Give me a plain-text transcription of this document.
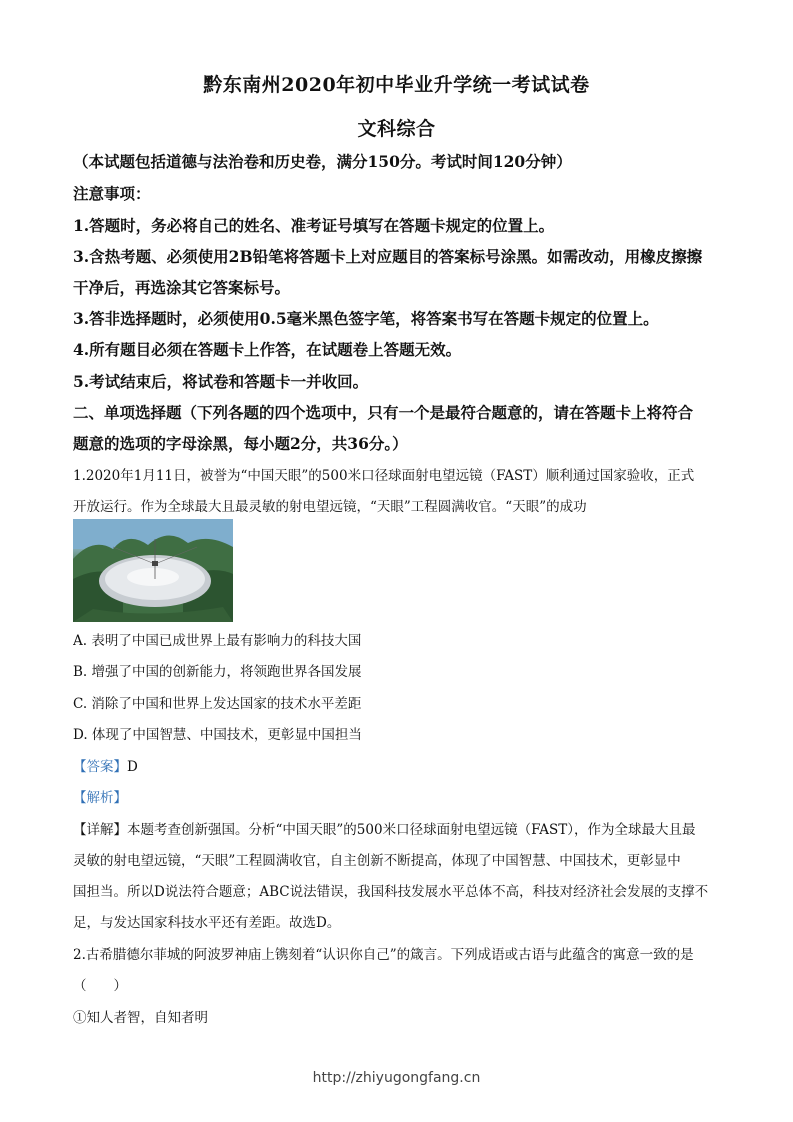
黔东南州2020年初中毕业升学统一考试试卷
文科综合
（本试题包括道德与法治卷和历史卷，满分150分。考试时间120分钟）
注意事项：
1.答题时，务必将自己的姓名、准考证号填写在答题卡规定的位置上。
3.含热考题、必须使用2B铅笔将答题卡上对应题目的答案标号涂黑。如需改动，用橡皮擦擦
干净后，再选涂其它答案标号。
3.答非选择题时，必须使用0.5毫米黑色签字笔，将答案书写在答题卡规定的位置上。
4.所有题目必须在答题卡上作答，在试题卷上答题无效。
5.考试结束后，将试卷和答题卡一并收回。
二、单项选择题（下列各题的四个选项中，只有一个是最符合题意的，请在答题卡上将符合
题意的选项的字母涂黑，每小题2分，共36分。）
1.2020年1月11日，被誉为“中国天眼”的500米口径球面射电望远镜（FAST）顺利通过国家验收，正式
开放运行。作为全球最大且最灵敏的射电望远镜，“天眼”工程圆满收官。“天眼”的成功
A. 表明了中国已成世界上最有影响力的科技大国
B. 增强了中国的创新能力，将领跑世界各国发展
C. 消除了中国和世界上发达国家的技术水平差距
D. 体现了中国智慧、中国技术，更彰显中国担当
【答案】D
【解析】
【详解】本题考查创新强国。分析“中国天眼”的500米口径球面射电望远镜（FAST），作为全球最大且最
灵敏的射电望远镜，“天眼”工程圆满收官，自主创新不断提高，体现了中国智慧、中国技术，更彰显中
国担当。所以D说法符合题意；ABC说法错误，我国科技发展水平总体不高，科技对经济社会发展的支撑不
足，与发达国家科技水平还有差距。故选D。
2.古希腊德尔菲城的阿波罗神庙上镌刻着“认识你自己”的箴言。下列成语或古语与此蕴含的寓意一致的是
（　　）
①知人者智，自知者明
http://zhiyugongfang.cn
